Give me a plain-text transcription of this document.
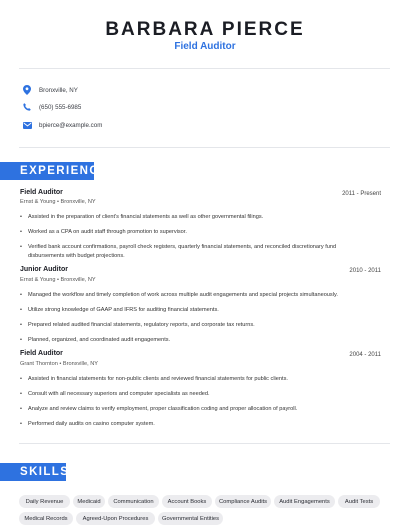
BARBARA PIERCE
Field Auditor
Bronxville, NY
(650) 555-6985
bpierce@example.com
EXPERIENCE
Field Auditor	2011 - Present
Ernst & Young • Bronxville, NY
• Assisted in the preparation of client's financial statements as well as other governmental filings.
• Worked as a CPA on audit staff through promotion to supervisor.
• Verified bank account confirmations, payroll check registers, quarterly financial statements, and reconciled discretionary fund disbursements with budget projections.
Junior Auditor	2010 - 2011
Ernst & Young • Bronxville, NY
• Managed the workflow and timely completion of work across multiple audit engagements and special projects simultaneously.
• Utilize strong knowledge of GAAP and IFRS for auditing financial statements.
• Prepared related audited financial statements, regulatory reports, and corporate tax returns.
• Planned, organized, and coordinated audit engagements.
Field Auditor	2004 - 2011
Grant Thornton • Bronxville, NY
• Assisted in financial statements for non-public clients and reviewed financial statements for public clients.
• Consult with all necessary superiors and computer specialists as needed.
• Analyze and review claims to verify employment, proper classification coding and proper allocation of payroll.
• Performed daily audits on casino computer system.
SKILLS
Daily Revenue	Medicaid	Communication	Account Books	Compliance Audits	Audit Engagements	Audit Tests
Medical Records	Agreed-Upon Procedures	Governmental Entities
